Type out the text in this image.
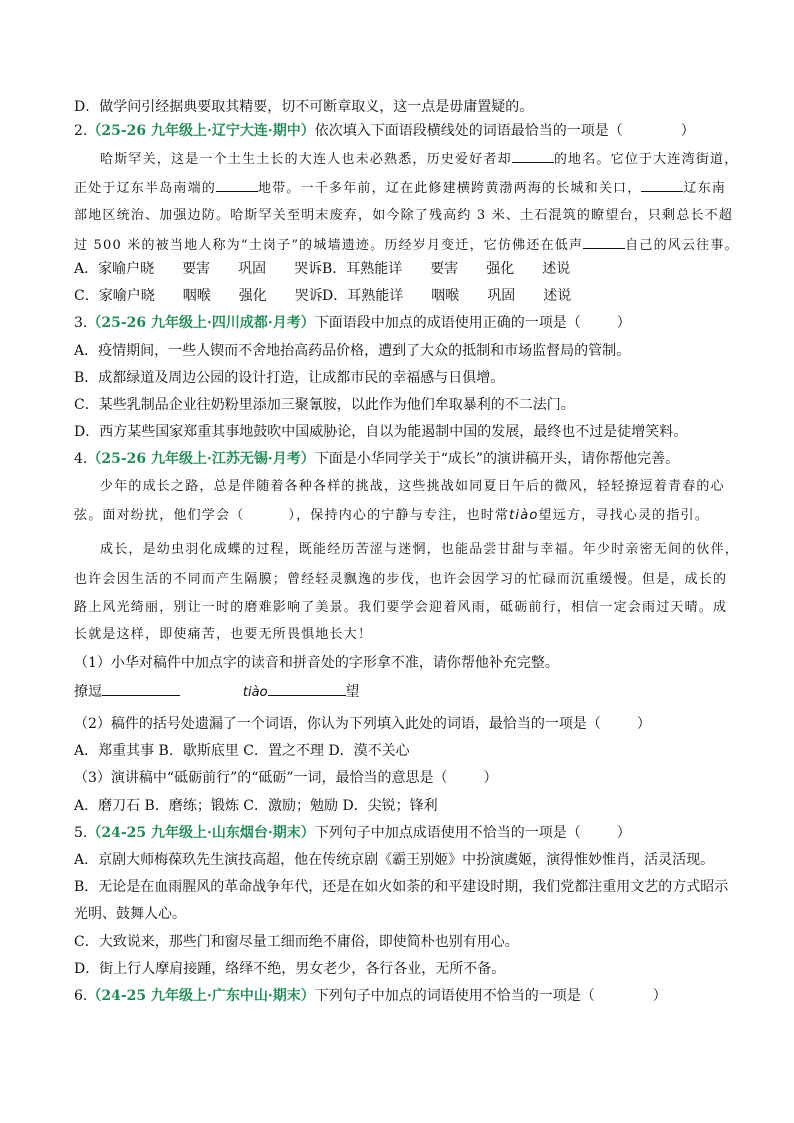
D．做学问引经据典要取其精要，切不可断章取义，这一点是毋庸置疑的。
2.（25-26 九年级上·辽宁大连·期中）依次填入下面语段横线处的词语最恰当的一项是（	）
哈斯罕关，这是一个土生土长的大连人也未必熟悉，历史爱好者却	的地名。它位于大连湾街道，
正处于辽东半岛南端的	地带。一千多年前，辽在此修建横跨黄渤两海的长城和关口，	辽东南
部地区统治、加强边防。哈斯罕关至明末废弃，如今除了残高约 3 米、土石混筑的瞭望台，只剩总长不超
过 500 米的被当地人称为“土岗子”的城墙遗迹。历经岁月变迁，它仿佛还在低声	自己的风云往事。
A．家喻户晓　　要害　　巩固　　哭诉 B．耳熟能详　　要害　　强化　　述说
C．家喻户晓　　咽喉　　强化　　哭诉 D．耳熟能详　　咽喉　　巩固　　述说
3.（25-26 九年级上·四川成都·月考）下面语段中加点的成语使用正确的一项是（	）
A．疫情期间，一些人锲而不舍地抬高药品价格，遭到了大众的抵制和市场监督局的管制。
B．成都绿道及周边公园的设计打造，让成都市民的幸福感与日俱增。
C．某些乳制品企业往奶粉里添加三聚氰胺，以此作为他们牟取暴利的不二法门。
D．西方某些国家郑重其事地鼓吹中国威胁论，自以为能遏制中国的发展，最终也不过是徒增笑料。
4.（25-26 九年级上·江苏无锡·月考）下面是小华同学关于“成长”的演讲稿开头，请你帮他完善。
少年的成长之路，总是伴随着各种各样的挑战，这些挑战如同夏日午后的微风，轻轻撩逗着青春的心
弦。面对纷扰，他们学会（	），保持内心的宁静与专注，也时常tiào望远方，寻找心灵的指引。
成长，是幼虫羽化成蝶的过程，既能经历苦涩与迷惘，也能品尝甘甜与幸福。年少时亲密无间的伙伴，
也许会因生活的不同而产生隔膜；曾经轻灵飘逸的步伐，也许会因学习的忙碌而沉重缓慢。但是，成长的
路上风光绮丽，别让一时的磨难影响了美景。我们要学会迎着风雨，砥砺前行，相信一定会雨过天晴。成
长就是这样，即使痛苦，也要无所畏惧地长大！
（1）小华对稿件中加点字的读音和拼音处的字形拿不准，请你帮他补充完整。
撩逗	tiào	望
（2）稿件的括号处遗漏了一个词语，你认为下列填入此处的词语，最恰当的一项是（	）
A．郑重其事 B．歇斯底里 C．置之不理 D．漠不关心
（3）演讲稿中“砥砺前行”的“砥砺”一词，最恰当的意思是（	）
A．磨刀石 B．磨练；锻炼 C．激励；勉励 D．尖锐；锋利
5.（24-25 九年级上·山东烟台·期末）下列句子中加点成语使用不恰当的一项是（	）
A．京剧大师梅葆玖先生演技高超，他在传统京剧《霸王别姬》中扮演虞姬，演得惟妙惟肖，活灵活现。
B．无论是在血雨腥风的革命战争年代，还是在如火如荼的和平建设时期，我们党都注重用文艺的方式昭示
光明、鼓舞人心。
C．大致说来，那些门和窗尽量工细而绝不庸俗，即使简朴也别有用心。
D．街上行人摩肩接踵，络绎不绝，男女老少，各行各业，无所不备。
6.（24-25 九年级上·广东中山·期末）下列句子中加点的词语使用不恰当的一项是（	）
